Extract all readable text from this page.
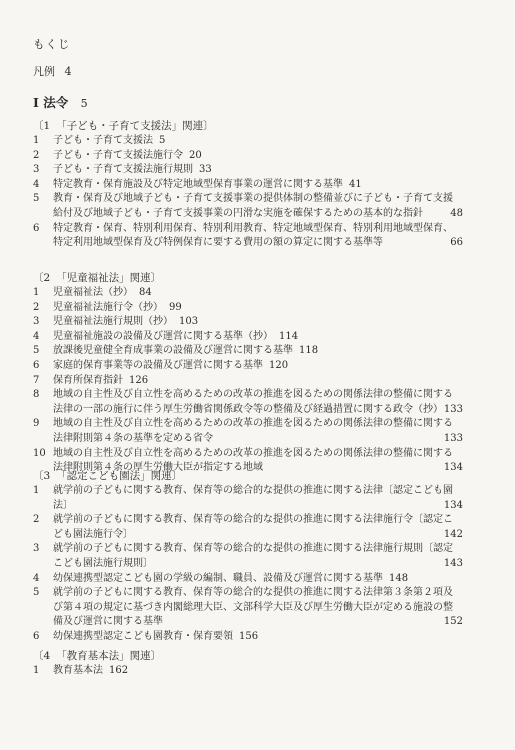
もくじ
凡例 4
Ⅰ 法令 5
〔1 「子ども・子育て支援法」関連〕
1	子ども・子育て支援法 5
2	子ども・子育て支援法施行令 20
3	子ども・子育て支援法施行規則 33
4	特定教育・保育施設及び特定地域型保育事業の運営に関する基準 41
5	教育・保育及び地域子ども・子育て支援事業の提供体制の整備並びに子ども・子育て支援
給付及び地域子ども・子育て支援事業の円滑な実施を確保するための基本的な指針	48
6	特定教育・保育、特別利用保育、特別利用教育、特定地域型保育、特別利用地域型保育、
特定利用地域型保育及び特例保育に要する費用の額の算定に関する基準等	66
〔2 「児童福祉法」関連〕
1	児童福祉法（抄） 84
2	児童福祉法施行令（抄） 99
3	児童福祉法施行規則（抄） 103
4	児童福祉施設の設備及び運営に関する基準（抄） 114
5	放課後児童健全育成事業の設備及び運営に関する基準 118
6	家庭的保育事業等の設備及び運営に関する基準 120
7	保育所保育指針 126
8	地域の自主性及び自立性を高めるための改革の推進を図るための関係法律の整備に関する
法律の一部の施行に伴う厚生労働省関係政令等の整備及び経過措置に関する政令（抄） 133
9	地域の自主性及び自立性を高めるための改革の推進を図るための関係法律の整備に関する
法律附則第４条の基準を定める省令	133
10 地域の自主性及び自立性を高めるための改革の推進を図るための関係法律の整備に関する
法律附則第４条の厚生労働大臣が指定する地域	134
〔3 「認定こども園法」関連〕
1	就学前の子どもに関する教育、保育等の総合的な提供の推進に関する法律〔認定こども園
法〕	134
2	就学前の子どもに関する教育、保育等の総合的な提供の推進に関する法律施行令〔認定こ
ども園法施行令〕	142
3	就学前の子どもに関する教育、保育等の総合的な提供の推進に関する法律施行規則〔認定
こども園法施行規則〕	143
4	幼保連携型認定こども園の学級の編制、職員、設備及び運営に関する基準 148
5	就学前の子どもに関する教育、保育等の総合的な提供の推進に関する法律第３条第２項及
び第４項の規定に基づき内閣総理大臣、文部科学大臣及び厚生労働大臣が定める施設の整
備及び運営に関する基準	152
6	幼保連携型認定こども園教育・保育要領 156
〔4 「教育基本法」関連〕
1	教育基本法 162
